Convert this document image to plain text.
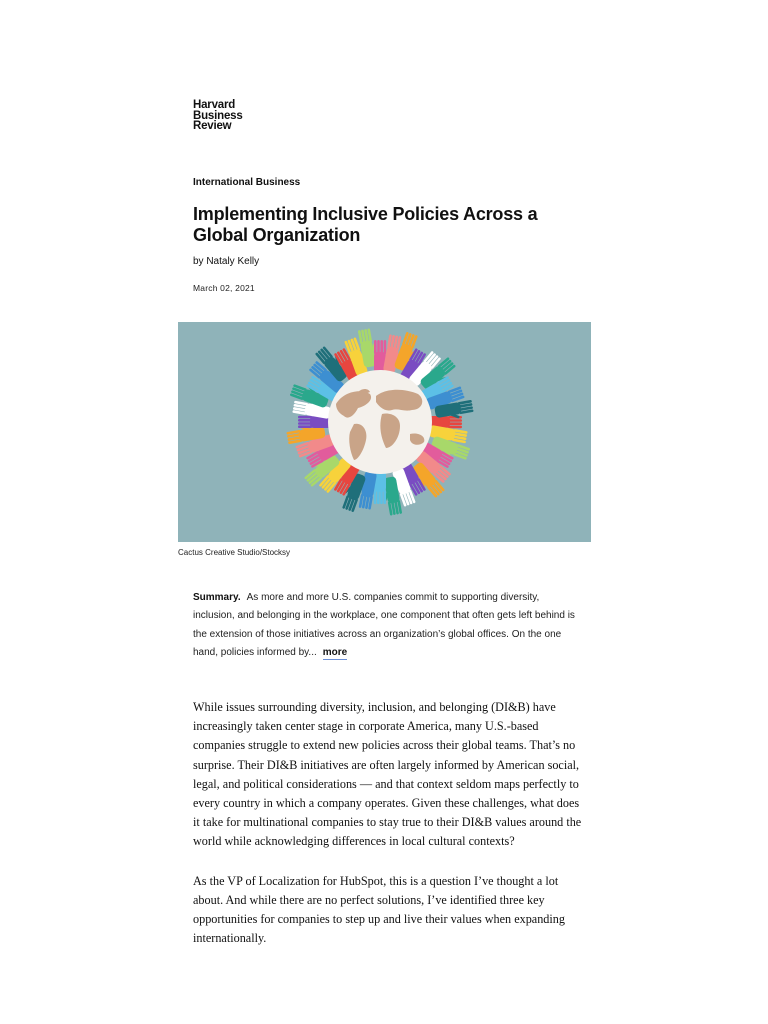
Harvard
Business
Review
International Business
Implementing Inclusive Policies Across a Global Organization
by Nataly Kelly
March 02, 2021
Cactus Creative Studio/Stocksy
Summary. As more and more U.S. companies commit to supporting diversity, inclusion, and belonging in the workplace, one component that often gets left behind is the extension of those initiatives across an organization’s global offices. On the one hand, policies informed by... more

While issues surrounding diversity, inclusion, and belonging (DI&B) have increasingly taken center stage in corporate America, many U.S.-based companies struggle to extend new policies across their global teams. That’s no surprise. Their DI&B initiatives are often largely informed by American social, legal, and political considerations — and that context seldom maps perfectly to every country in which a company operates. Given these challenges, what does it take for multinational companies to stay true to their DI&B values around the world while acknowledging differences in local cultural contexts?

As the VP of Localization for HubSpot, this is a question I’ve thought a lot about. And while there are no perfect solutions, I’ve identified three key opportunities for companies to step up and live their values when expanding internationally.
